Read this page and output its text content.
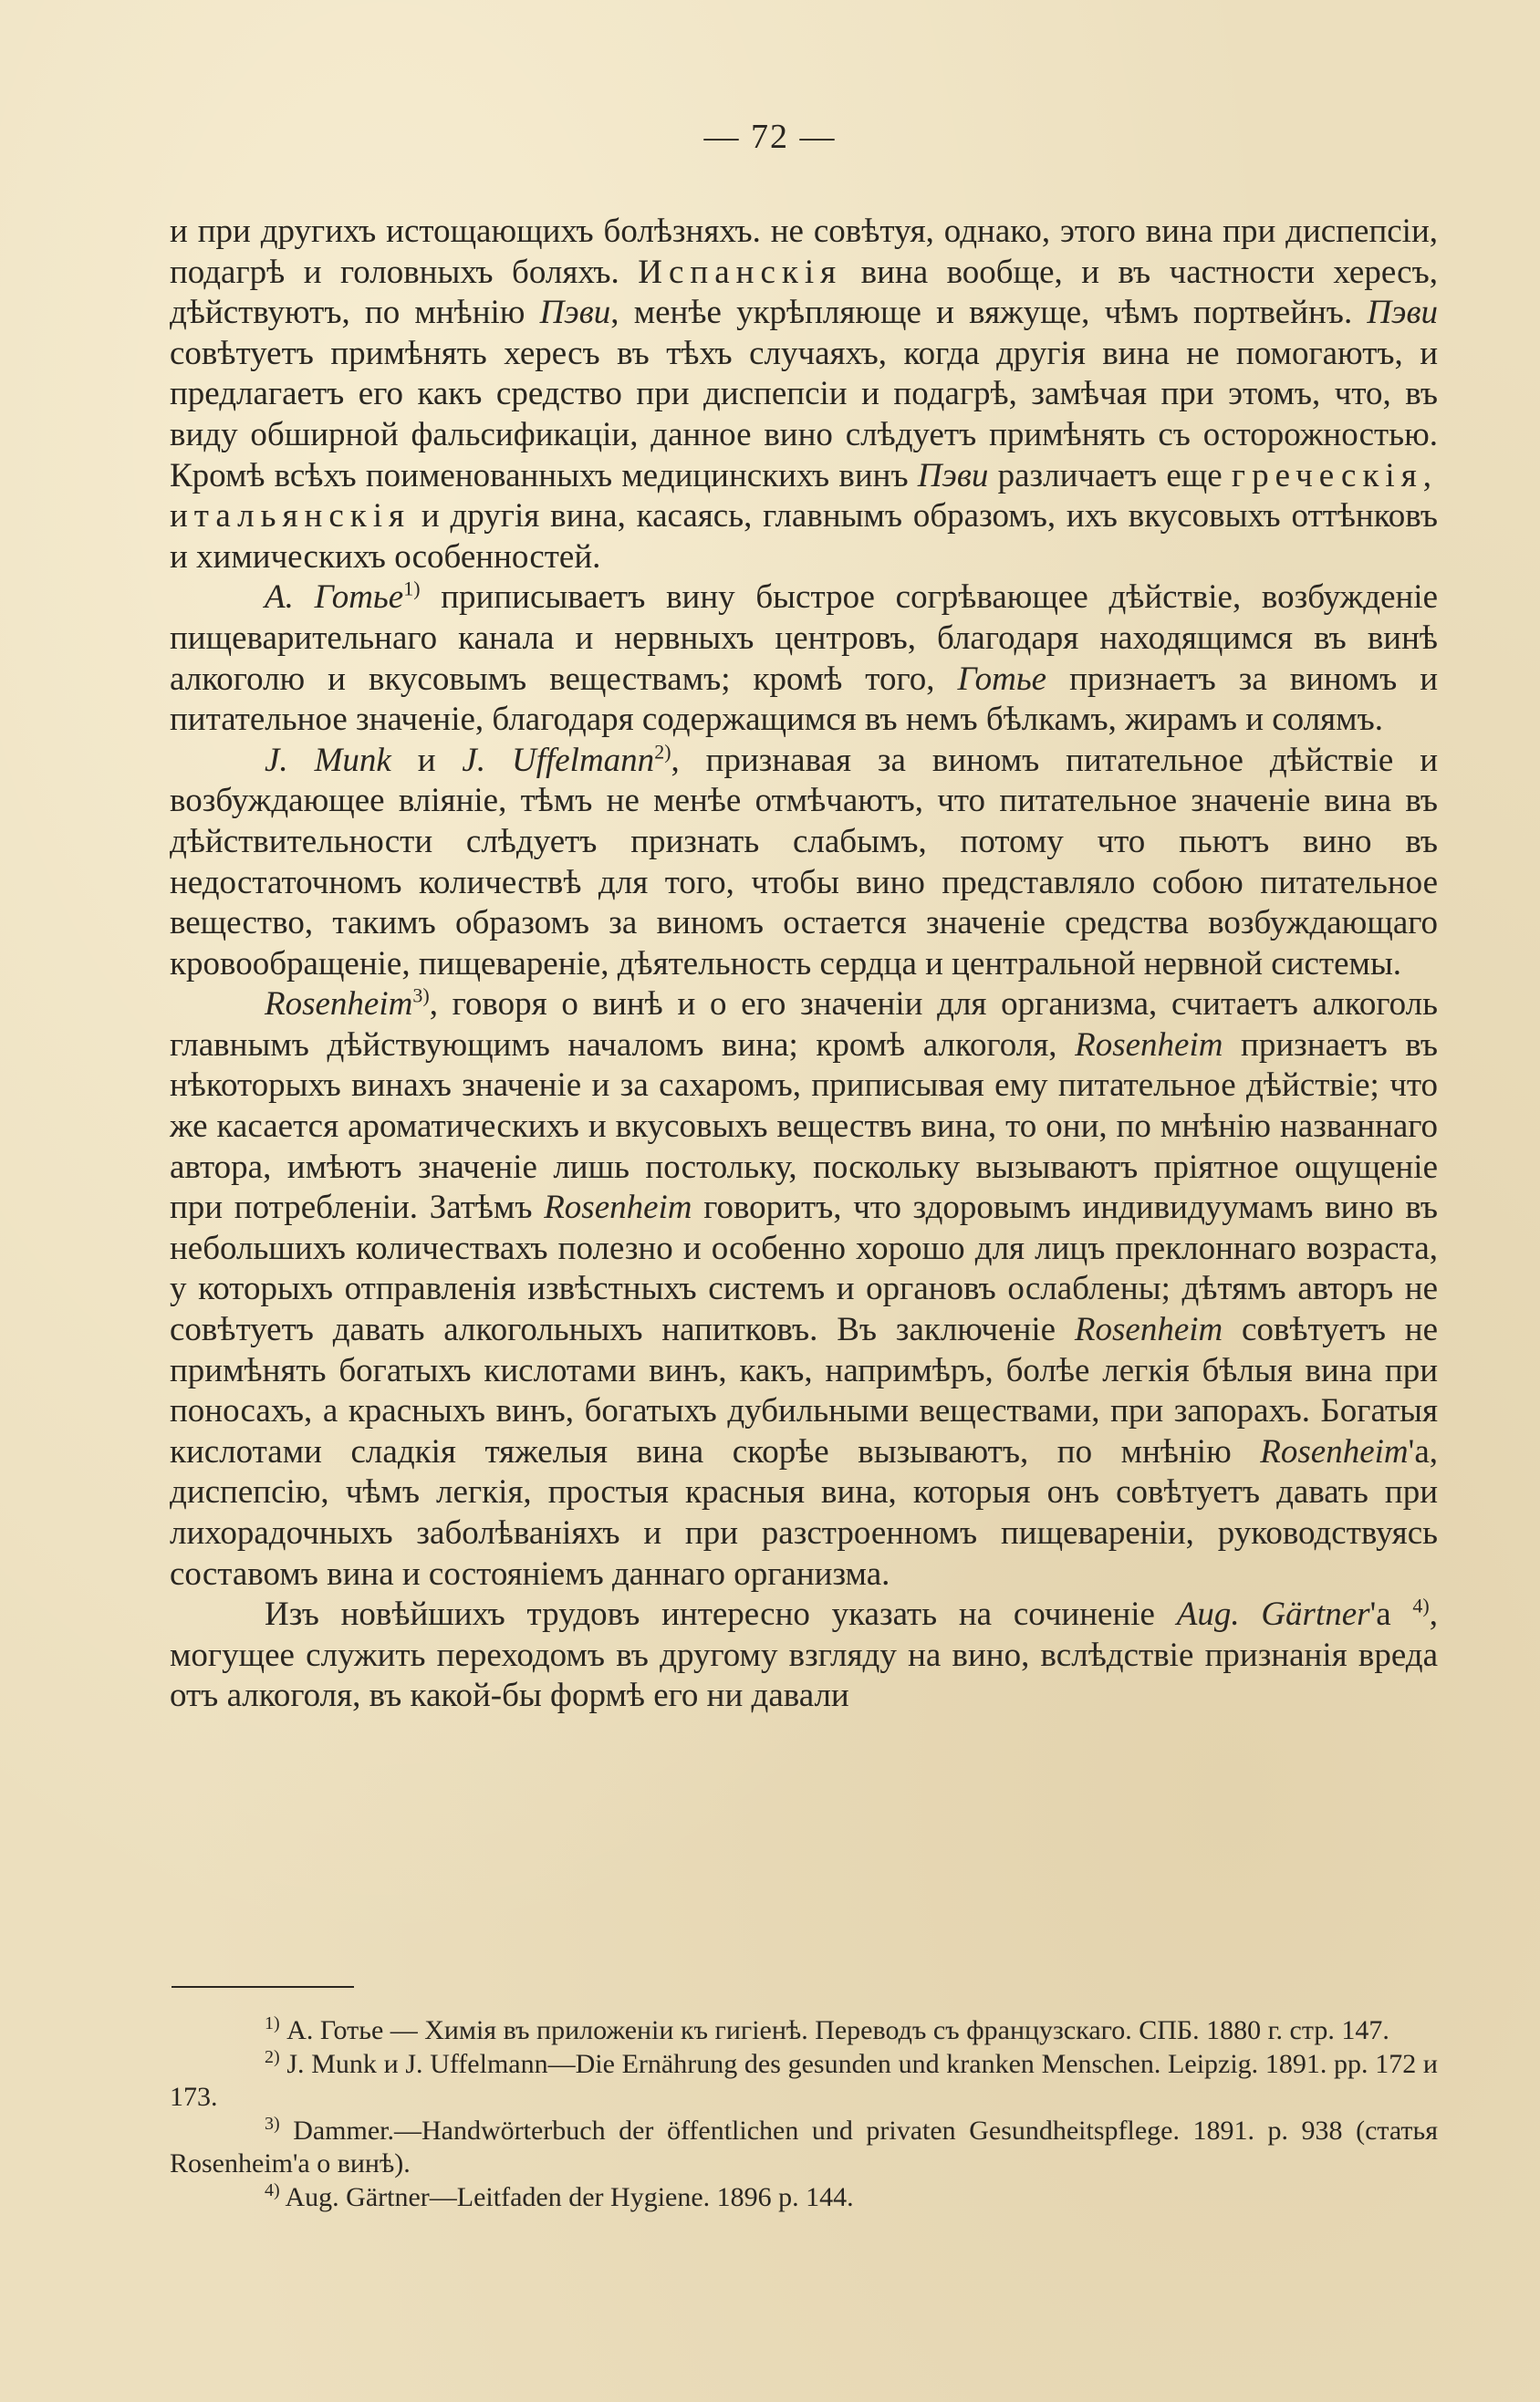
— 72 —

и при другихъ истощающихъ болѣзняхъ. не совѣтуя, однако, этого вина при диспепсіи, подагрѣ и головныхъ боляхъ. Испанскія вина вообще, и въ частности хересъ, дѣйствуютъ, по мнѣнію Пэви, менѣе укрѣпляюще и вяжуще, чѣмъ портвейнъ. Пэви совѣтуетъ примѣнять хересъ въ тѣхъ случаяхъ, когда другія вина не помогаютъ, и предлагаетъ его какъ средство при диспепсіи и подагрѣ, замѣчая при этомъ, что, въ виду обширной фальсификаціи, данное вино слѣдуетъ примѣнять съ осторожностью. Кромѣ всѣхъ поименованныхъ медицинскихъ винъ Пэви различаетъ еще греческія, итальянскія и другія вина, касаясь, главнымъ образомъ, ихъ вкусовыхъ оттѣнковъ и химическихъ особенностей.

А. Готье$^{1)}$ приписываетъ вину быстрое согрѣвающее дѣйствіе, возбужденіе пищеварительнаго канала и нервныхъ центровъ, благодаря находящимся въ винѣ алкоголю и вкусовымъ веществамъ; кромѣ того, Готье признаетъ за виномъ и питательное значеніе, благодаря содержащимся въ немъ бѣлкамъ, жирамъ и солямъ.

J. Munk и J. Uffelmann$^{2)}$, признавая за виномъ питательное дѣйствіе и возбуждающее вліяніе, тѣмъ не менѣе отмѣчаютъ, что питательное значеніе вина въ дѣйствительности слѣдуетъ признать слабымъ, потому что пьютъ вино въ недостаточномъ количествѣ для того, чтобы вино представляло собою питательное вещество, такимъ образомъ за виномъ остается значеніе средства возбуждающаго кровообращеніе, пищевареніе, дѣятельность сердца и центральной нервной системы.

Rosenheim$^{3)}$, говоря о винѣ и о его значеніи для организма, считаетъ алкоголь главнымъ дѣйствующимъ началомъ вина; кромѣ алкоголя, Rosenheim признаетъ въ нѣкоторыхъ винахъ значеніе и за сахаромъ, приписывая ему питательное дѣйствіе; что же касается ароматическихъ и вкусовыхъ веществъ вина, то они, по мнѣнію названнаго автора, имѣютъ значеніе лишь постольку, поскольку вызываютъ пріятное ощущеніе при потребленіи. Затѣмъ Rosenheim говоритъ, что здоровымъ индивидуумамъ вино въ небольшихъ количествахъ полезно и особенно хорошо для лицъ преклоннаго возраста, у которыхъ отправленія извѣстныхъ системъ и органовъ ослаблены; дѣтямъ авторъ не совѣтуетъ давать алкогольныхъ напитковъ. Въ заключеніе Rosenheim совѣтуетъ не примѣнять богатыхъ кислотами винъ, какъ, напримѣръ, болѣе легкія бѣлыя вина при поносахъ, а красныхъ винъ, богатыхъ дубильными веществами, при запорахъ. Богатыя кислотами сладкія тяжелыя вина скорѣе вызываютъ, по мнѣнію Rosenheim'а, диспепсію, чѣмъ легкія, простыя красныя вина, которыя онъ совѣтуетъ давать при лихорадочныхъ заболѣваніяхъ и при разстроенномъ пищевареніи, руководствуясь составомъ вина и состояніемъ даннаго организма.

Изъ новѣйшихъ трудовъ интересно указать на сочиненіе Aug. Gärtner'а $^{4)}$, могущее служить переходомъ въ другому взгляду на вино, вслѣдствіе признанія вреда отъ алкоголя, въ какой-бы формѣ его ни давали

$^{1)}$ А. Готье — Химія въ приложеніи къ гигіенѣ. Переводъ съ французскаго. СПБ. 1880 г. стр. 147.

$^{2)}$ J. Munk и J. Uffelmann—Die Ernährung des gesunden und kranken Menschen. Leipzig. 1891. pp. 172 и 173.

$^{3)}$ Dammer.—Handwörterbuch der öffentlichen und privaten Gesundheitspflege. 1891. p. 938 (статья Rosenheim'а о винѣ).

$^{4)}$ Aug. Gärtner—Leitfaden der Hygiene. 1896 p. 144.
